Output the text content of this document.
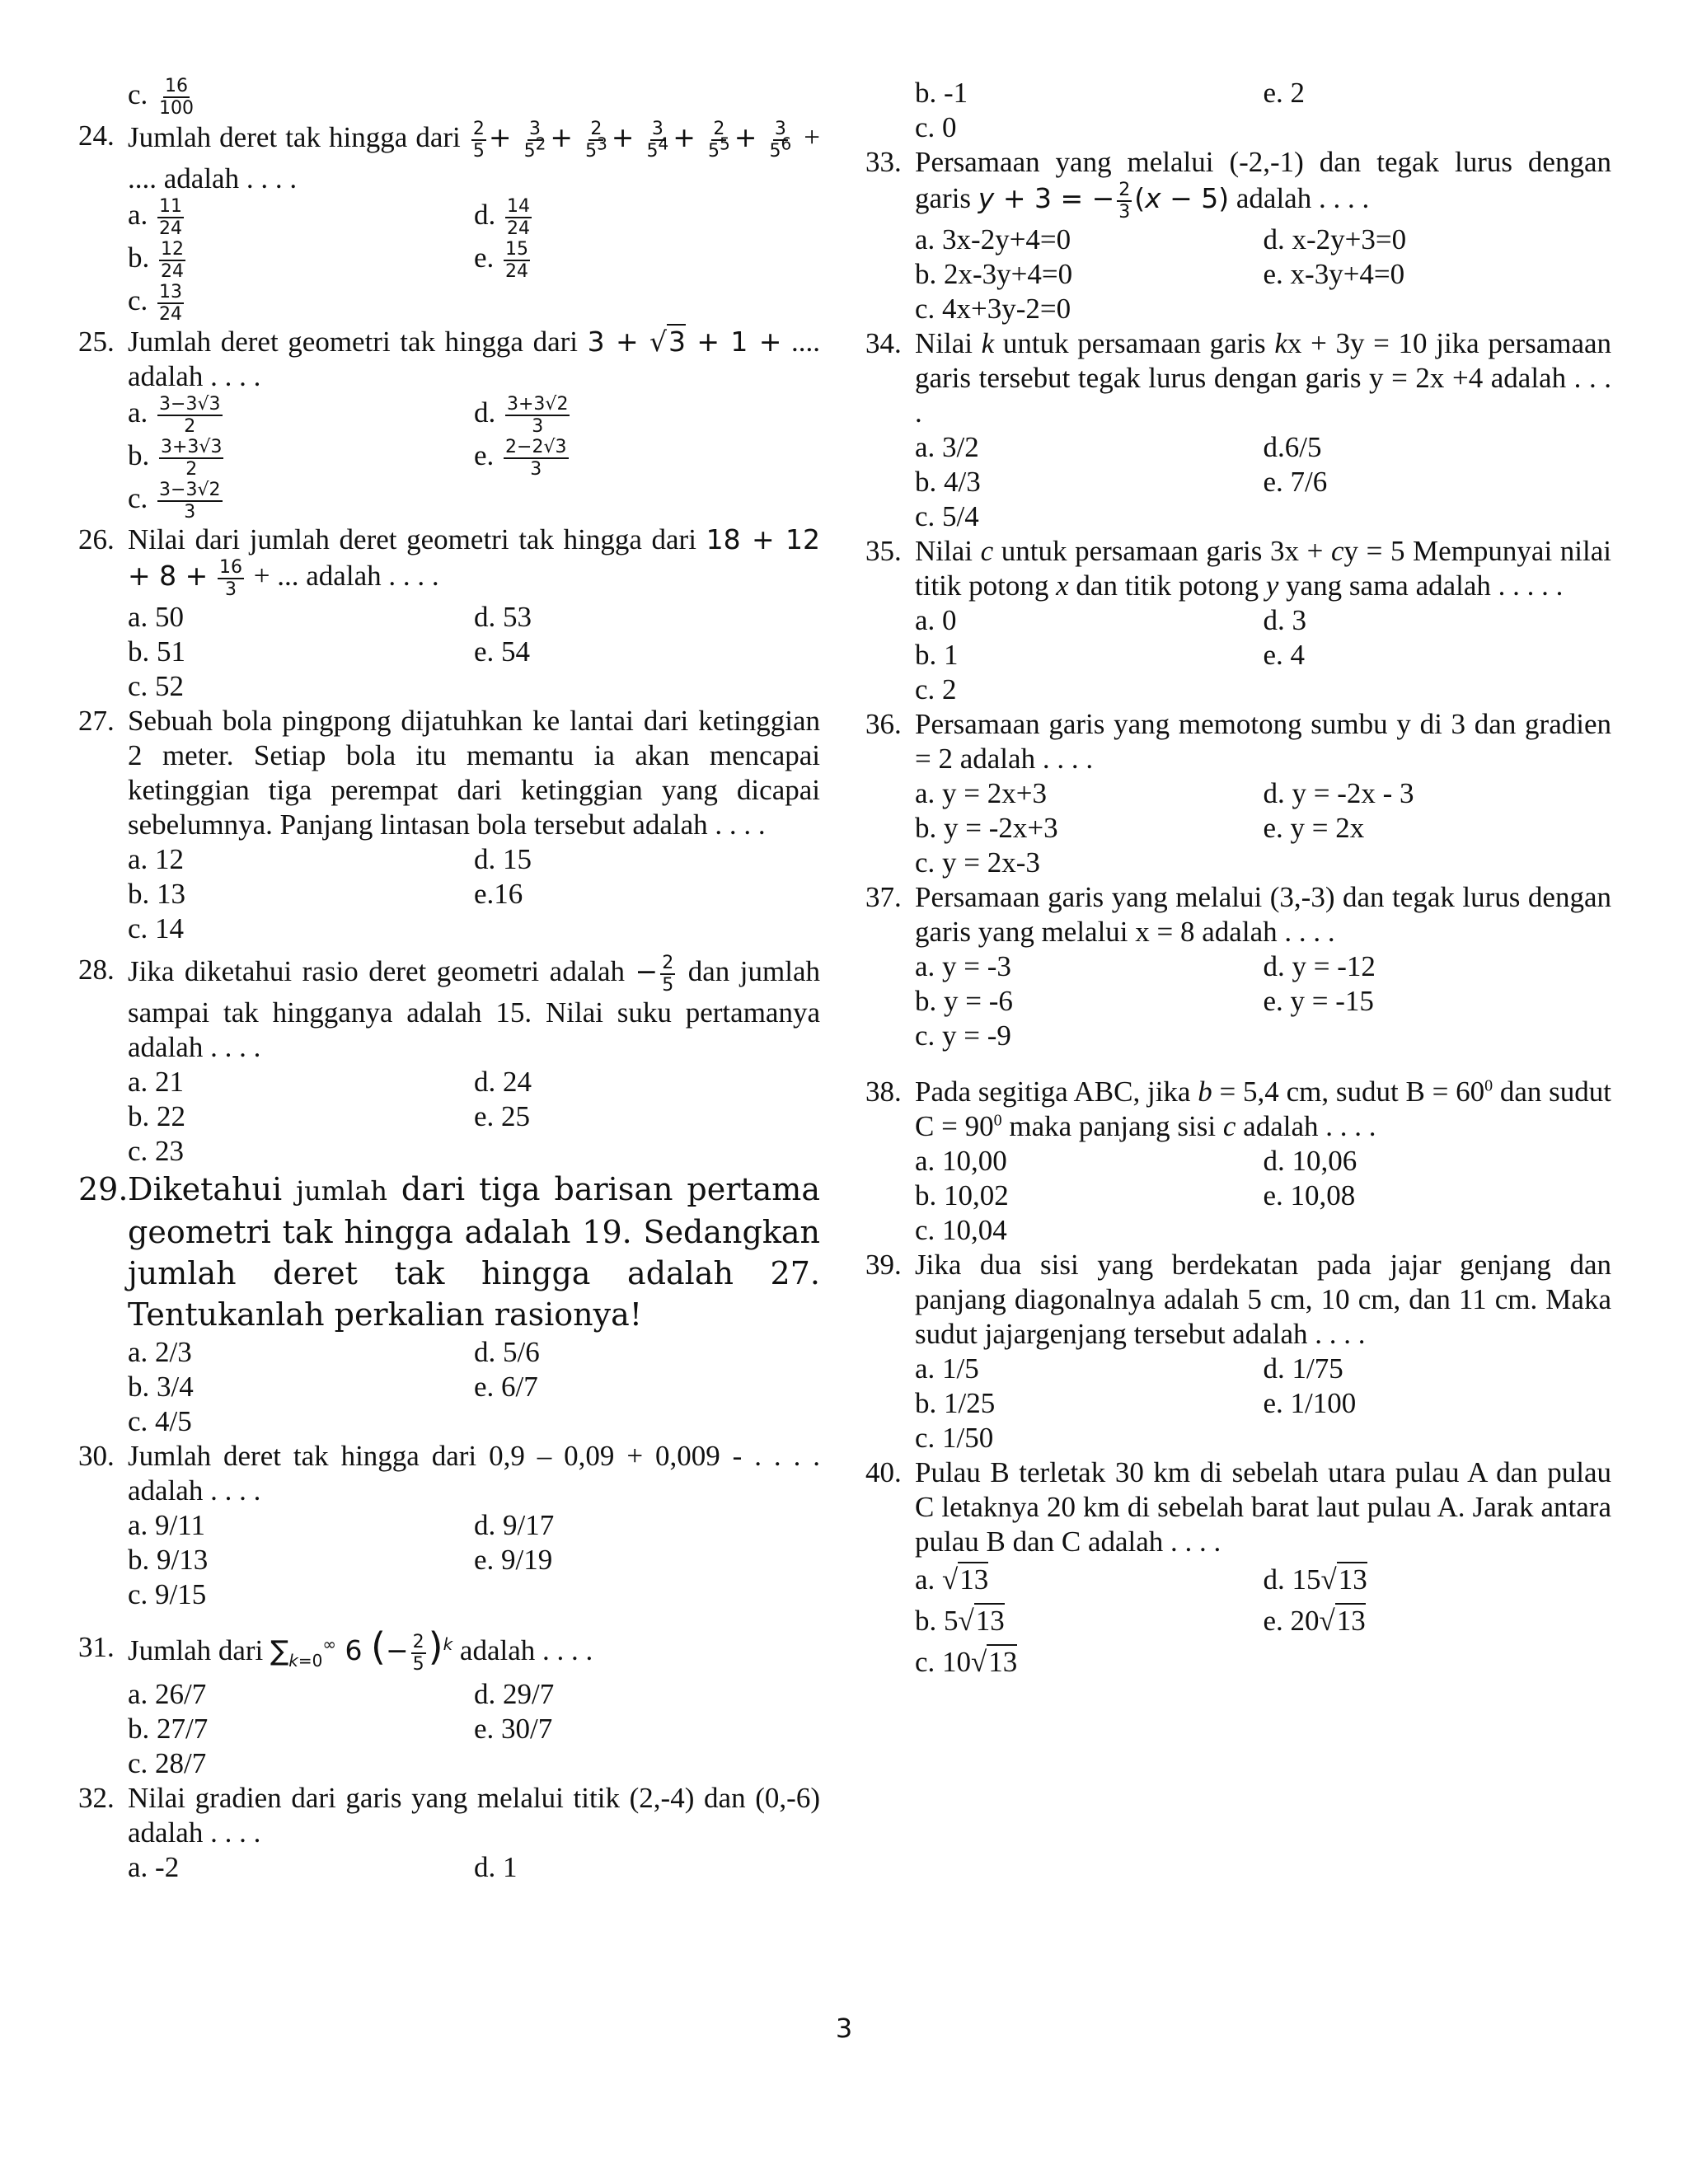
c. $\frac{16}{100}$
24. Jumlah deret tak hingga dari $\frac{2}{5} + \frac{3}{5^2} + \frac{2}{5^3} + \frac{3}{5^4} + \frac{2}{5^5} + \frac{3}{5^6}$ + .... adalah . . . .
a. $\frac{11}{24}$	d. $\frac{14}{24}$
b. $\frac{12}{24}$	e. $\frac{15}{24}$
c. $\frac{13}{24}$
25. Jumlah deret geometri tak hingga dari 3 + √3 + 1 + .... adalah . . . .
a. $\frac{3-3√3}{2}$	d. $\frac{3+3√2}{3}$
b. $\frac{3+3√3}{2}$	e. $\frac{2-2√3}{3}$
c. $\frac{3-3√2}{3}$
26. Nilai dari jumlah deret geometri tak hingga dari $18 + 12 + 8 + \frac{16}{3}$ + ... adalah . . . .
a. 50	d. 53
b. 51	e. 54
c. 52
27. Sebuah bola pingpong dijatuhkan ke lantai dari ketinggian 2 meter. Setiap bola itu memantu ia akan mencapai ketinggian tiga perempat dari ketinggian yang dicapai sebelumnya. Panjang lintasan bola tersebut adalah . . . .
a. 12	d. 15
b. 13	e.16
c. 14
28. Jika diketahui rasio deret geometri adalah − $\frac{2}{5}$ dan jumlah sampai tak hingganya adalah 15. Nilai suku pertamanya adalah . . . .
a. 21	d. 24
b. 22	e. 25
c. 23
29. Diketahui jumlah dari tiga barisan pertama geometri tak hingga adalah 19. Sedangkan jumlah deret tak hingga adalah 27. Tentukanlah perkalian rasionya!
a. 2/3	d. 5/6
b. 3/4	e. 6/7
c. 4/5
30. Jumlah deret tak hingga dari 0,9 – 0,09 + 0,009 - . . . . adalah . . . .
a. 9/11	d. 9/17
b. 9/13	e. 9/19
c. 9/15
31. Jumlah dari $\sum_{k=0}^\infty$ 6 (− $\frac{2}{5} )^k$ adalah . . . .
a. 26/7	d. 29/7
b. 27/7	e. 30/7
c. 28/7
32. Nilai gradien dari garis yang melalui titik (2,-4) dan (0,-6) adalah . . . .
a. -2	d. 1
b. -1	e. 2
c. 0
33. Persamaan yang melalui (-2,-1) dan tegak lurus dengan garis y + 3 = − $\frac{2}{3} (x - 5)$ adalah . . . .
a. 3x-2y+4=0	d. x-2y+3=0
b. 2x-3y+4=0	e. x-3y+4=0
c. 4x+3y-2=0
34. Nilai k untuk persamaan garis kx + 3y = 10 jika persamaan garis tersebut tegak lurus dengan garis y = 2x +4 adalah . . . .
a. 3/2	d.6/5
b. 4/3	e. 7/6
c. 5/4
35. Nilai c untuk persamaan garis 3x + cy = 5 Mempunyai nilai titik potong x dan titik potong y yang sama adalah . . . . .
a. 0	d. 3
b. 1	e. 4
c. 2
36. Persamaan garis yang memotong sumbu y di 3 dan gradien = 2 adalah . . . .
a. y = 2x+3	d. y = -2x - 3
b. y = -2x+3	e. y = 2x
c. y = 2x-3
37. Persamaan garis yang melalui (3,-3) dan tegak lurus dengan garis yang melalui x = 8 adalah . . . .
a. y = -3	d. y = -12
b. y = -6	e. y = -15
c. y = -9
38. Pada segitiga ABC, jika b = 5,4 cm, sudut $B = 60^0$ dan sudut $C = 90^0$ maka panjang sisi c adalah . . . .
a. 10,00	d. 10,06
b. 10,02	e. 10,08
c. 10,04
39. Jika dua sisi yang berdekatan pada jajar genjang dan panjang diagonalnya adalah 5 cm, 10 cm, dan 11 cm. Maka sudut jajargenjang tersebut adalah . . . .
a. 1/5	d. 1/75
b. 1/25	e. 1/100
c. 1/50
40. Pulau B terletak 30 km di sebelah utara pulau A dan pulau C letaknya 20 km di sebelah barat laut pulau A. Jarak antara pulau B dan C adalah . . . .
a. √13	d. 15√13
b. 5√13	e. 20√13
c. 10√13
3
